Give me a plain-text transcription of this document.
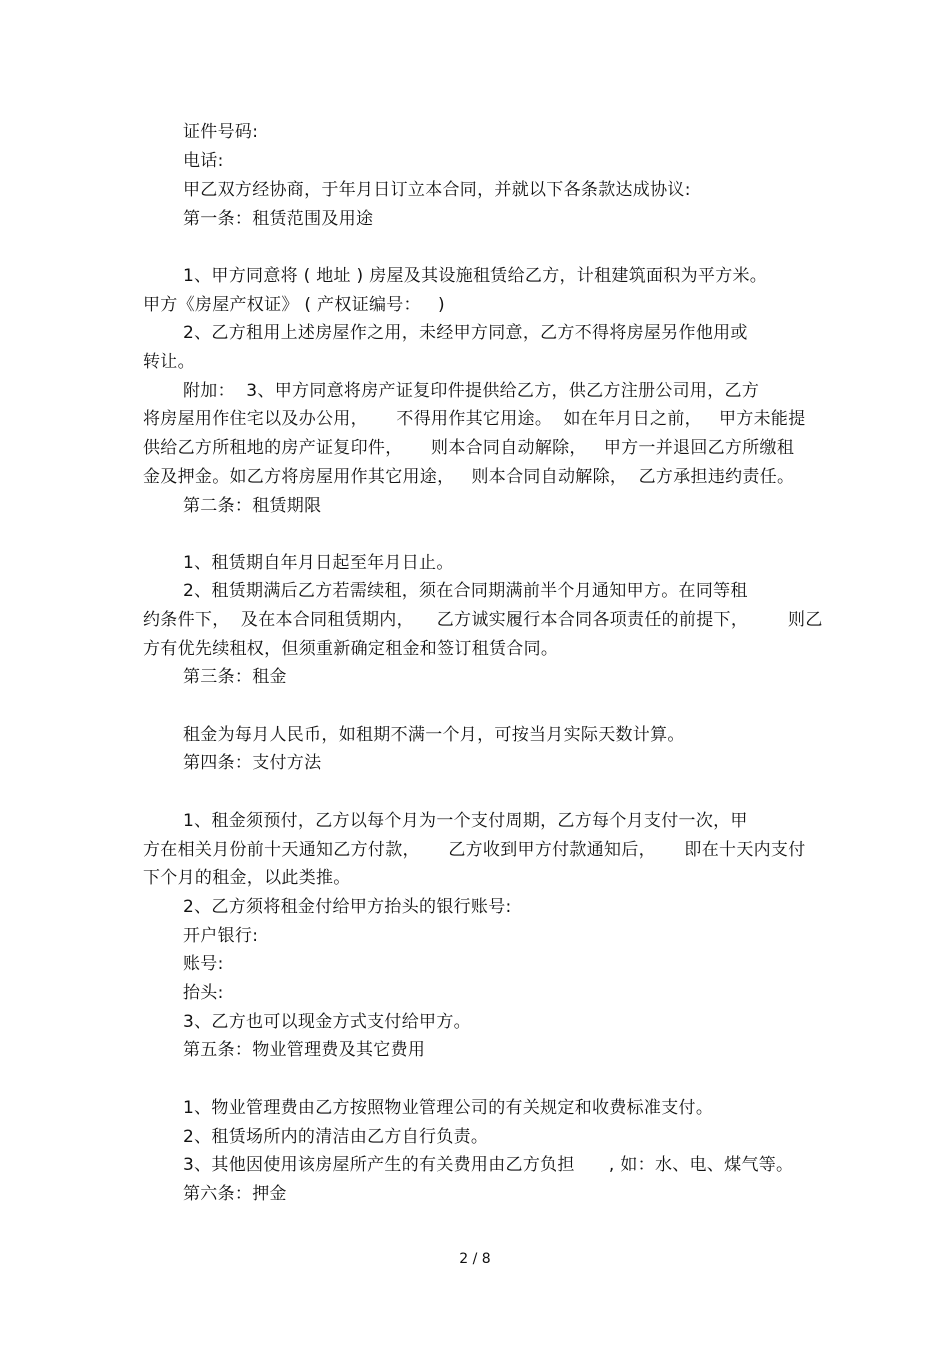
证件号码:
电话:
甲乙双方经协商，于年月日订立本合同，并就以下各条款达成协议:
第一条：租赁范围及用途
1、甲方同意将 ( 地址 ) 房屋及其设施租赁给乙方，计租建筑面积为平方米。
甲方《房屋产权证》 ( 产权证编号：   )
2、乙方租用上述房屋作之用，未经甲方同意，乙方不得将房屋另作他用或
转让。
附加：  3、甲方同意将房产证复印件提供给乙方，供乙方注册公司用，乙方
将房屋用作住宅以及办公用，     不得用作其它用途。  如在年月日之前，   甲方未能提
供给乙方所租地的房产证复印件，     则本合同自动解除，   甲方一并退回乙方所缴租
金及押金。如乙方将房屋用作其它用途，   则本合同自动解除，  乙方承担违约责任。
第二条：租赁期限
1、租赁期自年月日起至年月日止。
2、租赁期满后乙方若需续租，须在合同期满前半个月通知甲方。在同等租
约条件下，  及在本合同租赁期内，    乙方诚实履行本合同各项责任的前提下，       则乙
方有优先续租权，但须重新确定租金和签订租赁合同。
第三条：租金
租金为每月人民币，如租期不满一个月，可按当月实际天数计算。
第四条：支付方法
1、租金须预付，乙方以每个月为一个支付周期，乙方每个月支付一次，甲
方在相关月份前十天通知乙方付款，     乙方收到甲方付款通知后，     即在十天内支付
下个月的租金，以此类推。
2、乙方须将租金付给甲方抬头的银行账号:
开户银行:
账号:
抬头:
3、乙方也可以现金方式支付给甲方。
第五条：物业管理费及其它费用
1、物业管理费由乙方按照物业管理公司的有关规定和收费标准支付。
2、租赁场所内的清洁由乙方自行负责。
3、其他因使用该房屋所产生的有关费用由乙方负担      , 如：水、电、煤气等。
第六条：押金
2 / 8
